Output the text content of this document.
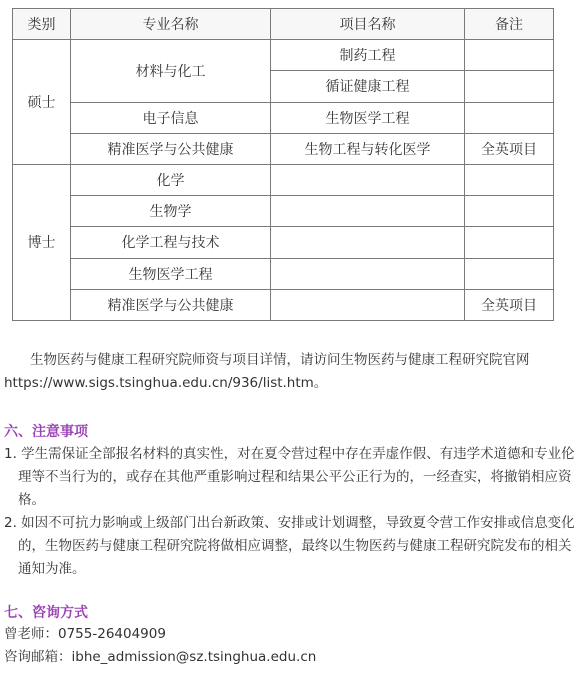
类别	专业名称	项目名称	备注
硕士	材料与化工	制药工程	
		循证健康工程	
	电子信息	生物医学工程	
	精准医学与公共健康	生物工程与转化医学	全英项目
博士	化学		
	生物学		
	化学工程与技术		
	生物医学工程		
	精准医学与公共健康		全英项目

生物医药与健康工程研究院师资与项目详情，请访问生物医药与健康工程研究院官网https://www.sigs.tsinghua.edu.cn/936/list.htm。

六、注意事项
1. 学生需保证全部报名材料的真实性，对在夏令营过程中存在弄虚作假、有违学术道德和专业伦理等不当行为的，或存在其他严重影响过程和结果公平公正行为的，一经查实，将撤销相应资格。
2. 如因不可抗力影响或上级部门出台新政策、安排或计划调整，导致夏令营工作安排或信息变化的，生物医药与健康工程研究院将做相应调整，最终以生物医药与健康工程研究院发布的相关通知为准。
七、咨询方式

曾老师：0755-26404909

咨询邮箱：ibhe_admission@sz.tsinghua.edu.cn
